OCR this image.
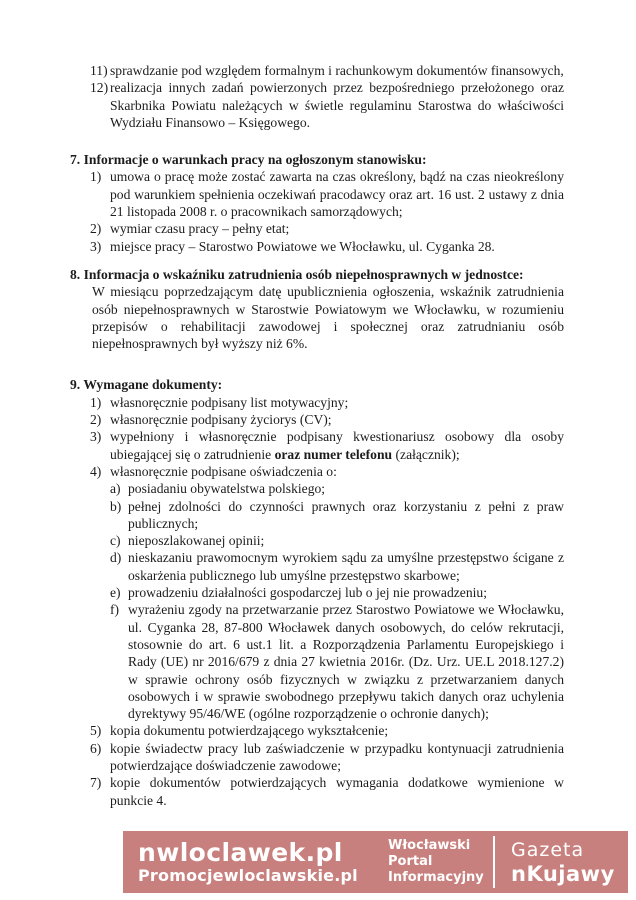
11) sprawdzanie pod względem formalnym i rachunkowym dokumentów finansowych,
12) realizacja innych zadań powierzonych przez bezpośredniego przełożonego oraz Skarbnika Powiatu należących w świetle regulaminu Starostwa do właściwości Wydziału Finansowo – Księgowego.
7. Informacje o warunkach pracy na ogłoszonym stanowisku:
1) umowa o pracę może zostać zawarta na czas określony, bądź na czas nieokreślony pod warunkiem spełnienia oczekiwań pracodawcy oraz art. 16 ust. 2 ustawy z dnia 21 listopada 2008 r. o pracownikach samorządowych;
2) wymiar czasu pracy – pełny etat;
3) miejsce pracy – Starostwo Powiatowe we Włocławku, ul. Cyganka 28.
8. Informacja o wskaźniku zatrudnienia osób niepełnosprawnych w jednostce:
W miesiącu poprzedzającym datę upublicznienia ogłoszenia, wskaźnik zatrudnienia osób niepełnosprawnych w Starostwie Powiatowym we Włocławku, w rozumieniu przepisów o rehabilitacji zawodowej i społecznej oraz zatrudnianiu osób niepełnosprawnych był wyższy niż 6%.
9. Wymagane dokumenty:
1) własnoręcznie podpisany list motywacyjny;
2) własnoręcznie podpisany życiorys (CV);
3) wypełniony i własnoręcznie podpisany kwestionariusz osobowy dla osoby ubiegającej się o zatrudnienie oraz numer telefonu (załącznik);
4) własnoręcznie podpisane oświadczenia o:
a) posiadaniu obywatelstwa polskiego;
b) pełnej zdolności do czynności prawnych oraz korzystaniu z pełni z praw publicznych;
c) nieposzlakowanej opinii;
d) nieskazaniu prawomocnym wyrokiem sądu za umyślne przestępstwo ścigane z oskarżenia publicznego lub umyślne przestępstwo skarbowe;
e) prowadzeniu działalności gospodarczej lub o jej nie prowadzeniu;
f) wyrażeniu zgody na przetwarzanie przez Starostwo Powiatowe we Włocławku, ul. Cyganka 28, 87-800 Włocławek danych osobowych, do celów rekrutacji, stosownie do art. 6 ust.1 lit. a Rozporządzenia Parlamentu Europejskiego i Rady (UE) nr 2016/679 z dnia 27 kwietnia 2016r. (Dz. Urz. UE.L 2018.127.2) w sprawie ochrony osób fizycznych w związku z przetwarzaniem danych osobowych i w sprawie swobodnego przepływu takich danych oraz uchylenia dyrektywy 95/46/WE (ogólne rozporządzenie o ochronie danych);
5) kopia dokumentu potwierdzającego wykształcenie;
6) kopie świadectw pracy lub zaświadczenie w przypadku kontynuacji zatrudnienia potwierdzające doświadczenie zawodowe;
7) kopie dokumentów potwierdzających wymagania dodatkowe wymienione w punkcie 4.
nwloclawek.pl
Promocjewloclawskie.pl
Włocławski
Portal
Informacyjny
Gazeta
nKujawy
